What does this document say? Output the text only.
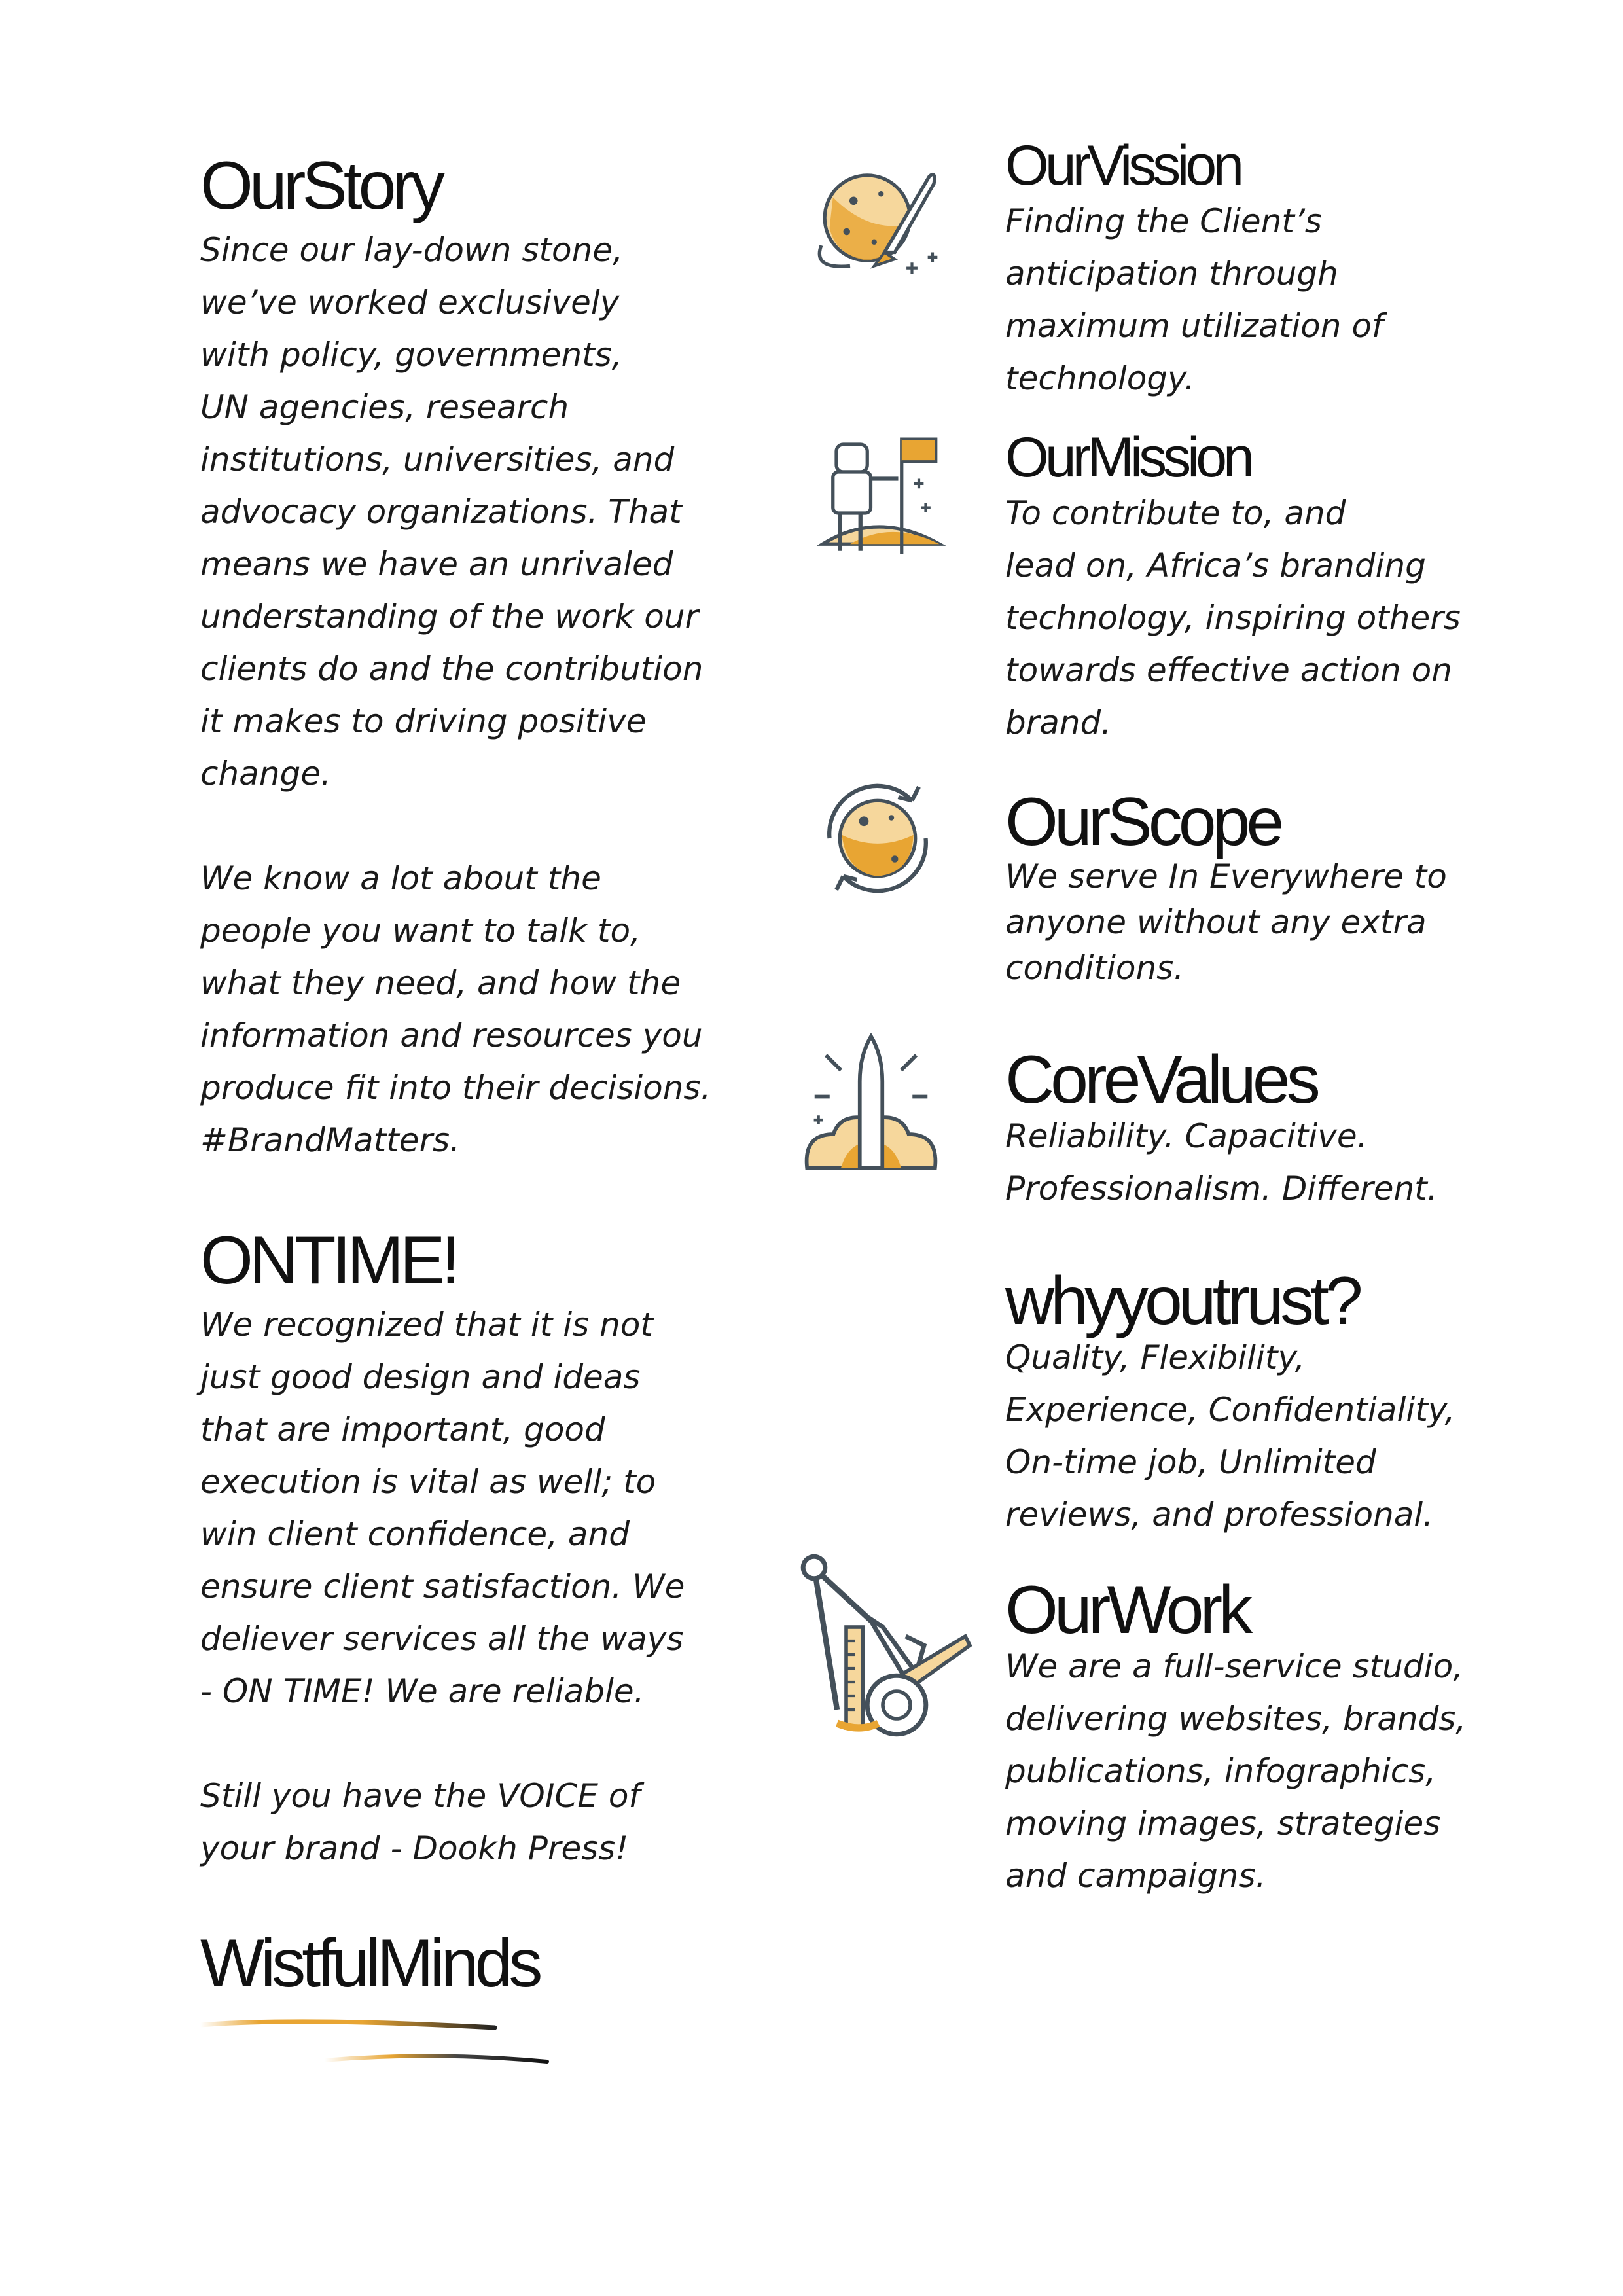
OurStory

Since our lay-down stone,
we’ve worked exclusively
with policy, governments,
UN agencies, research
institutions, universities, and
advocacy organizations. That
means we have an unrivaled
understanding of the work our
clients do and the contribution
it makes to driving positive
change.

We know a lot about the
people you want to talk to,
what they need, and how the
information and resources you
produce fit into their decisions.
#BrandMatters.

ONTIME!

We recognized that it is not
just good design and ideas
that are important, good
execution is vital as well; to
win client confidence, and
ensure client satisfaction. We
deliever services all the ways
- ON TIME! We are reliable.

Still you have the VOICE of
your brand - Dookh Press!

WistfulMinds
OurVission

Finding the Client’s
anticipation through
maximum utilization of
technology.

OurMission

To contribute to, and
lead on, Africa’s branding
technology, inspiring others
towards effective action on
brand.

OurScope

We serve In Everywhere to
anyone without any extra
conditions.

CoreValues

Reliability. Capacitive.
Professionalism. Different.

whyyoutrust?

Quality, Flexibility,
Experience, Confidentiality,
On-time job, Unlimited
reviews, and professional.

OurWork

We are a full-service studio,
delivering websites, brands,
publications, infographics,
moving images, strategies
and campaigns.
